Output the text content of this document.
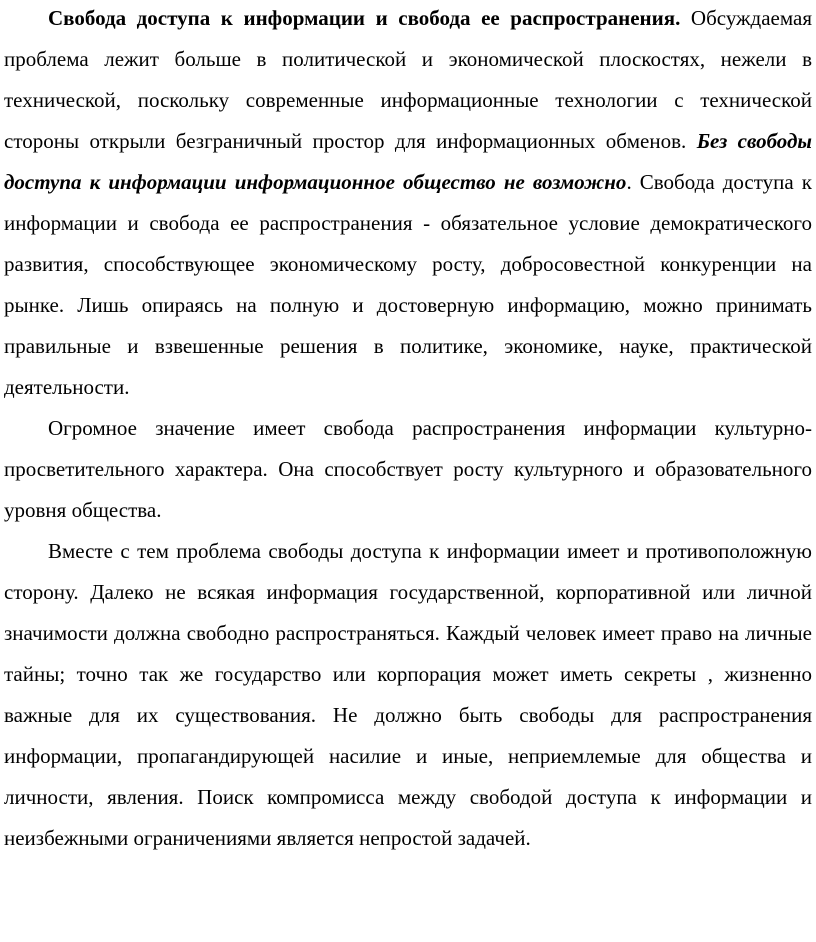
Свобода доступа к информации и свобода ее распространения. Обсуждаемая проблема лежит больше в политической и экономической плоскостях, нежели в технической, поскольку современные информационные технологии с технической стороны открыли безграничный простор для информационных обменов. Без свободы доступа к информации информационное общество не возможно. Свобода доступа к информации и свобода ее распространения - обязательное условие демократического развития, способствующее экономическому росту, добросовестной конкуренции на рынке. Лишь опираясь на полную и достоверную информацию, можно принимать правильные и взвешенные решения в политике, экономике, науке, практической деятельности.

Огромное значение имеет свобода распространения информации культурно-просветительного характера. Она способствует росту культурного и образовательного уровня общества.

Вместе с тем проблема свободы доступа к информации имеет и противоположную сторону. Далеко не всякая информация государственной, корпоративной или личной значимости должна свободно распространяться. Каждый человек имеет право на личные тайны; точно так же государство или корпорация может иметь секреты , жизненно важные для их существования. Не должно быть свободы для распространения информации, пропагандирующей насилие и иные, неприемлемые для общества и личности, явления. Поиск компромисса между свободой доступа к информации и неизбежными ограничениями является непростой задачей.
